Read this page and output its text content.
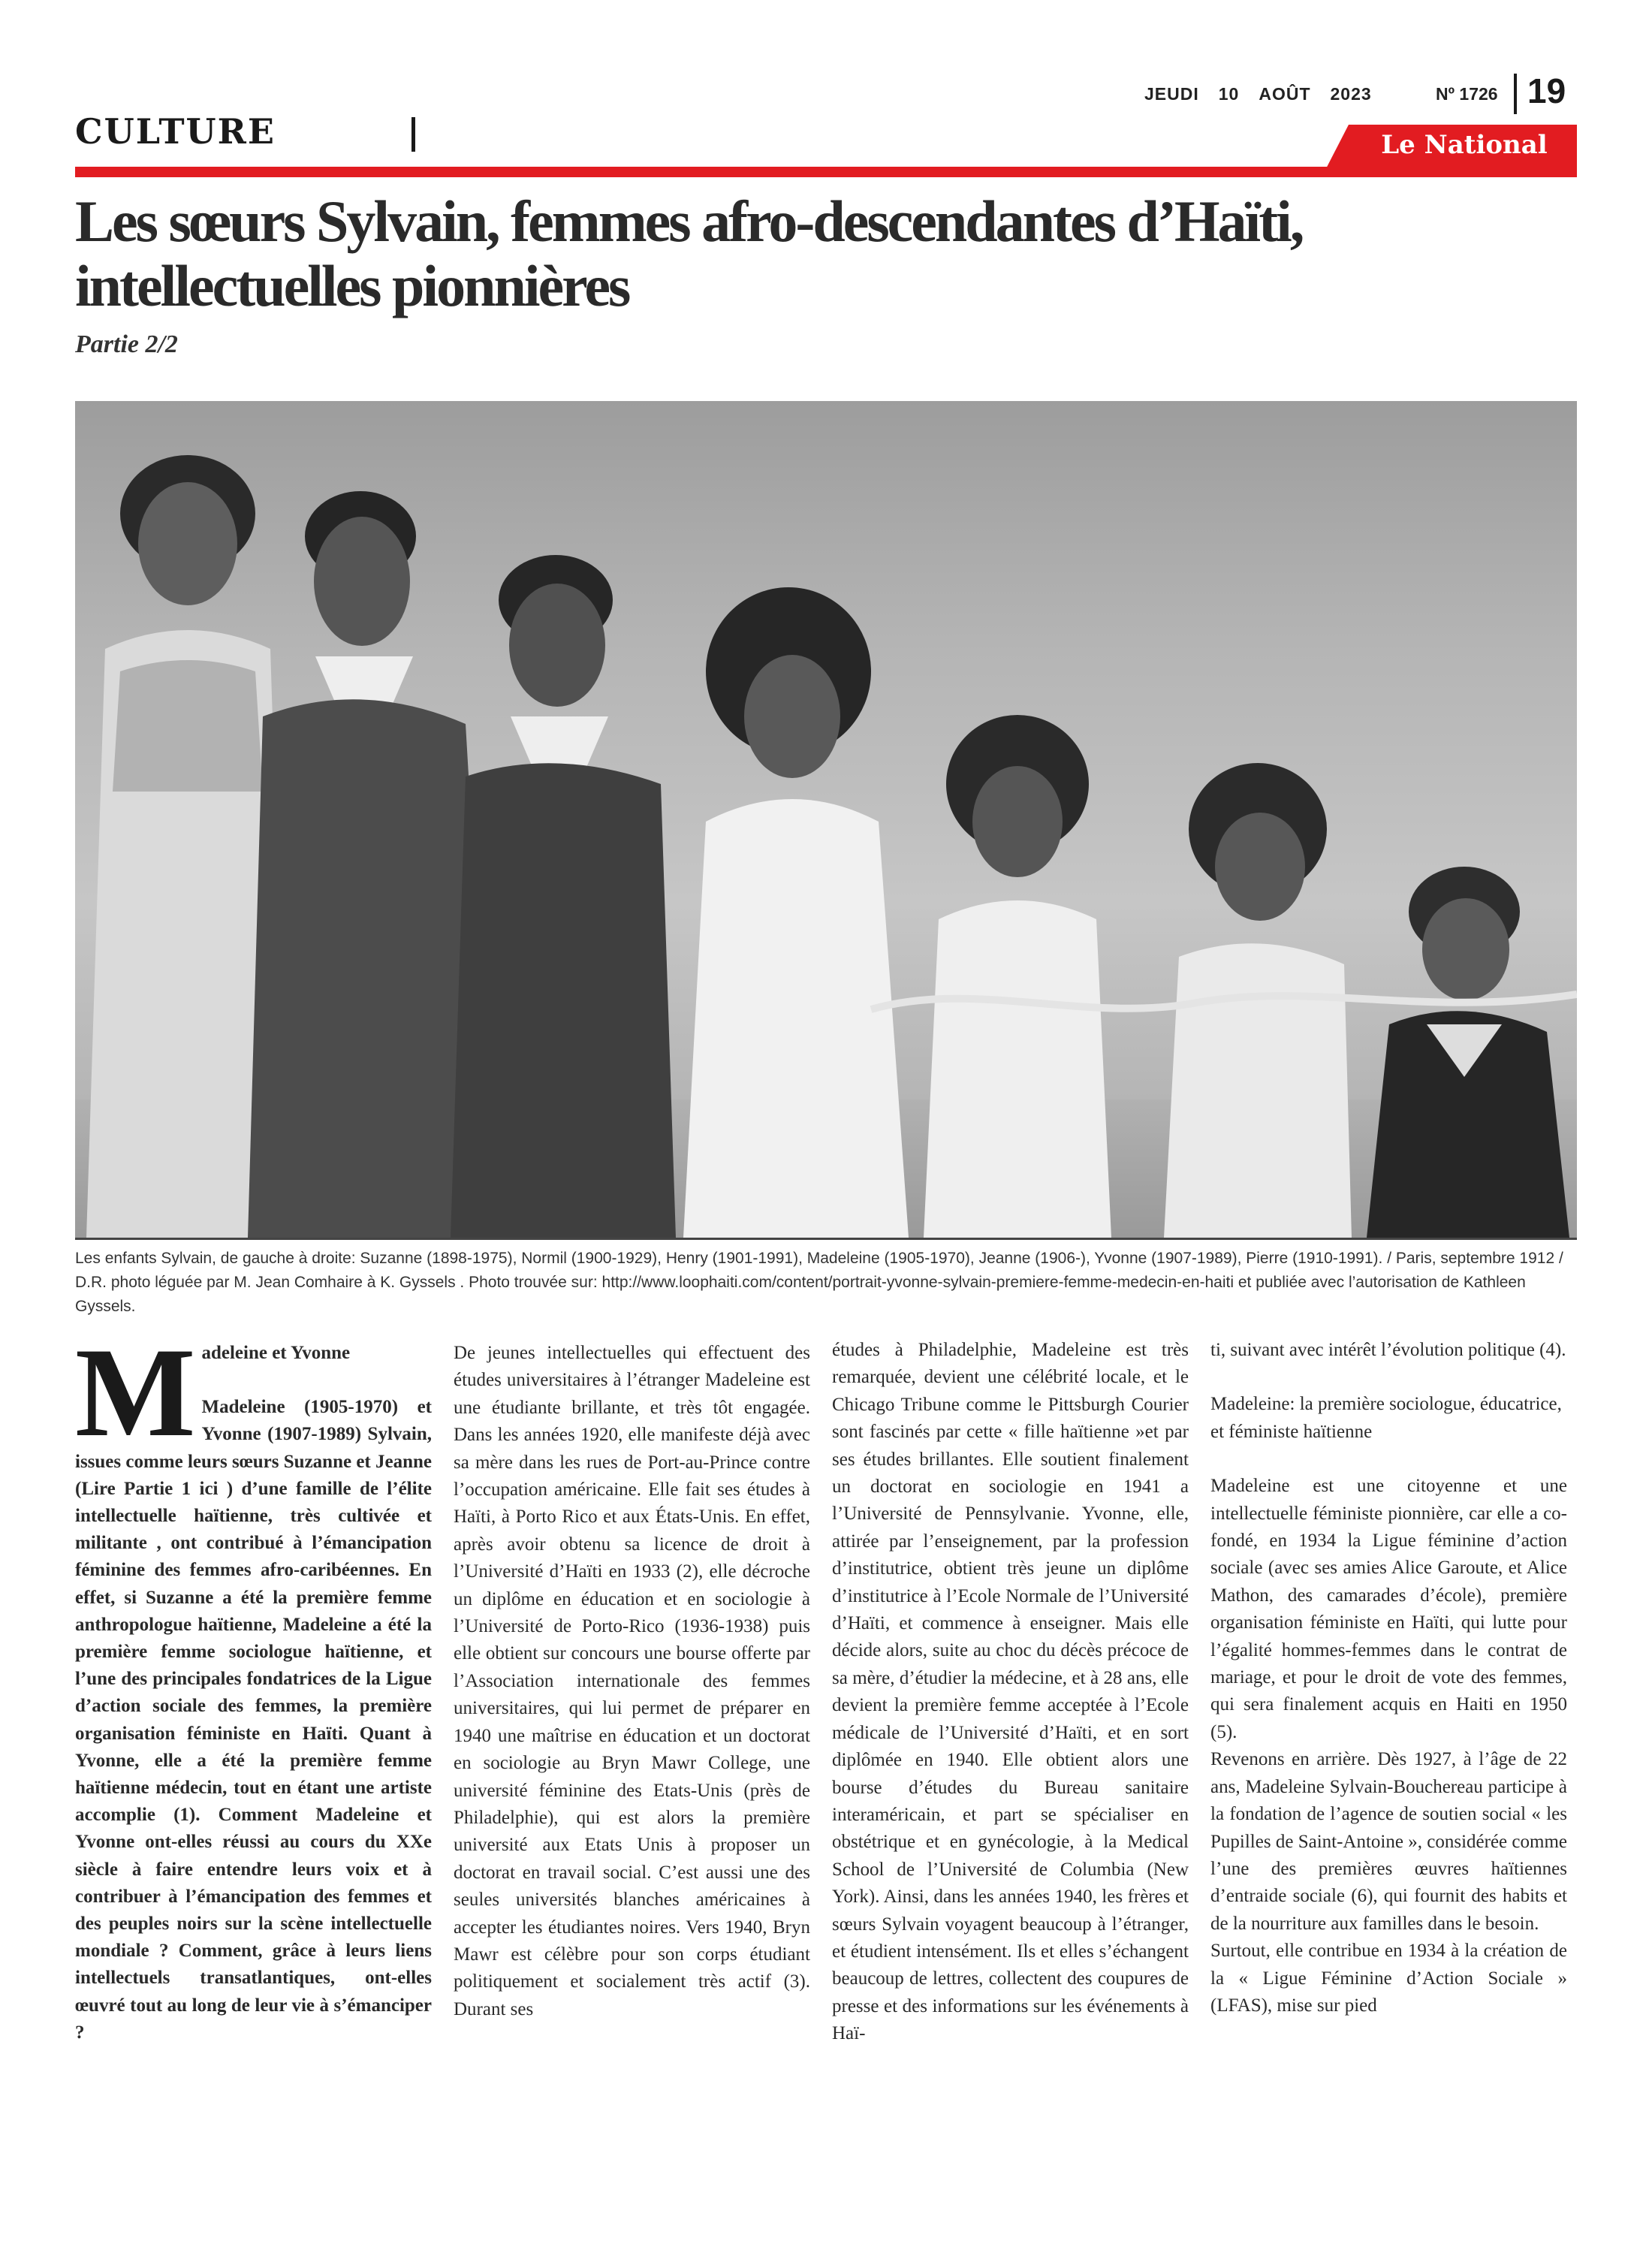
CULTURE
JEUDI 10 AOÛT 2023	Nº 1726 19
Le National
Les sœurs Sylvain, femmes afro-descendantes d’Haïti,
intellectuelles pionnières
Partie 2/2
Les enfants Sylvain, de gauche à droite: Suzanne (1898-1975), Normil (1900-1929), Henry (1901-1991), Madeleine (1905-1970), Jeanne (1906-), Yvonne (1907-1989), Pierre (1910-1991). / Paris, septembre 1912 / D.R. photo léguée par M. Jean Comhaire à K. Gyssels . Photo trouvée sur: http://www.loophaiti.com/content/portrait-yvonne-sylvain-premiere-femme-medecin-en-haiti et publiée avec l’autorisation de Kathleen Gyssels.

Madeleine et Yvonne

Madeleine (1905-1970) et Yvonne (1907-1989) Sylvain, issues comme leurs sœurs Suzanne et Jeanne (Lire Partie 1 ici ) d’une famille de l’élite intellectuelle haïtienne, très cultivée et militante , ont contribué à l’émancipation féminine des femmes afro-caribéennes. En effet, si Suzanne a été la première femme anthropologue haïtienne, Madeleine a été la première femme sociologue haïtienne, et l’une des principales fondatrices de la Ligue d’action sociale des femmes, la première organisation féministe en Haïti. Quant à Yvonne, elle a été la première femme haïtienne médecin, tout en étant une artiste accomplie (1). Comment Madeleine et Yvonne ont-elles réussi au cours du XXe siècle à faire entendre leurs voix et à contribuer à l’émancipation des femmes et des peuples noirs sur la scène intellectuelle mondiale ? Comment, grâce à leurs liens intellectuels transatlantiques, ont-elles œuvré tout au long de leur vie à s’émanciper ?

De jeunes intellectuelles qui effectuent des études universitaires à l’étranger Madeleine est une étudiante brillante, et très tôt engagée. Dans les années 1920, elle manifeste déjà avec sa mère dans les rues de Port-au-Prince contre l’occupation américaine. Elle fait ses études à Haïti, à Porto Rico et aux États-Unis. En effet, après avoir obtenu sa licence de droit à l’Université d’Haïti en 1933 (2), elle décroche un diplôme en éducation et en sociologie à l’Université de Porto-Rico (1936-1938) puis elle obtient sur concours une bourse offerte par l’Association internationale des femmes universitaires, qui lui permet de préparer en 1940 une maîtrise en éducation et un doctorat en sociologie au Bryn Mawr College, une université féminine des Etats-Unis (près de Philadelphie), qui est alors la première université aux Etats Unis à proposer un doctorat en travail social. C’est aussi une des seules universités blanches américaines à accepter les étudiantes noires. Vers 1940, Bryn Mawr est célèbre pour son corps étudiant politiquement et socialement très actif (3). Durant ses

études à Philadelphie, Madeleine est très remarquée, devient une célébrité locale, et le Chicago Tribune comme le Pittsburgh Courier sont fascinés par cette « fille haïtienne »et par ses études brillantes. Elle soutient finalement un doctorat en sociologie en 1941 a l’Université de Pennsylvanie. Yvonne, elle, attirée par l’enseignement, par la profession d’institutrice, obtient très jeune un diplôme d’institutrice à l’Ecole Normale de l’Université d’Haïti, et commence à enseigner. Mais elle décide alors, suite au choc du décès précoce de sa mère, d’étudier la médecine, et à 28 ans, elle devient la première femme acceptée à l’Ecole médicale de l’Université d’Haïti, et en sort diplômée en 1940. Elle obtient alors une bourse d’études du Bureau sanitaire interaméricain, et part se spécialiser en obstétrique et en gynécologie, à la Medical School de l’Université de Columbia (New York). Ainsi, dans les années 1940, les frères et sœurs Sylvain voyagent beaucoup à l’étranger, et étudient intensément. Ils et elles s’échangent beaucoup de lettres, collectent des coupures de presse et des informations sur les événements à Haï-

ti, suivant avec intérêt l’évolution politique (4).

Madeleine: la première sociologue, éducatrice, et féministe haïtienne

Madeleine est une citoyenne et une intellectuelle féministe pionnière, car elle a co-fondé, en 1934 la Ligue féminine d’action sociale (avec ses amies Alice Garoute, et Alice Mathon, des camarades d’école), première organisation féministe en Haïti, qui lutte pour l’égalité hommes-femmes dans le contrat de mariage, et pour le droit de vote des femmes, qui sera finalement acquis en Haiti en 1950 (5).

Revenons en arrière. Dès 1927, à l’âge de 22 ans, Madeleine Sylvain-Bouchereau participe à la fondation de l’agence de soutien social « les Pupilles de Saint-Antoine », considérée comme l’une des premières œuvres haïtiennes d’entraide sociale (6), qui fournit des habits et de la nourriture aux familles dans le besoin.

Surtout, elle contribue en 1934 à la création de la « Ligue Féminine d’Action Sociale » (LFAS), mise sur pied
